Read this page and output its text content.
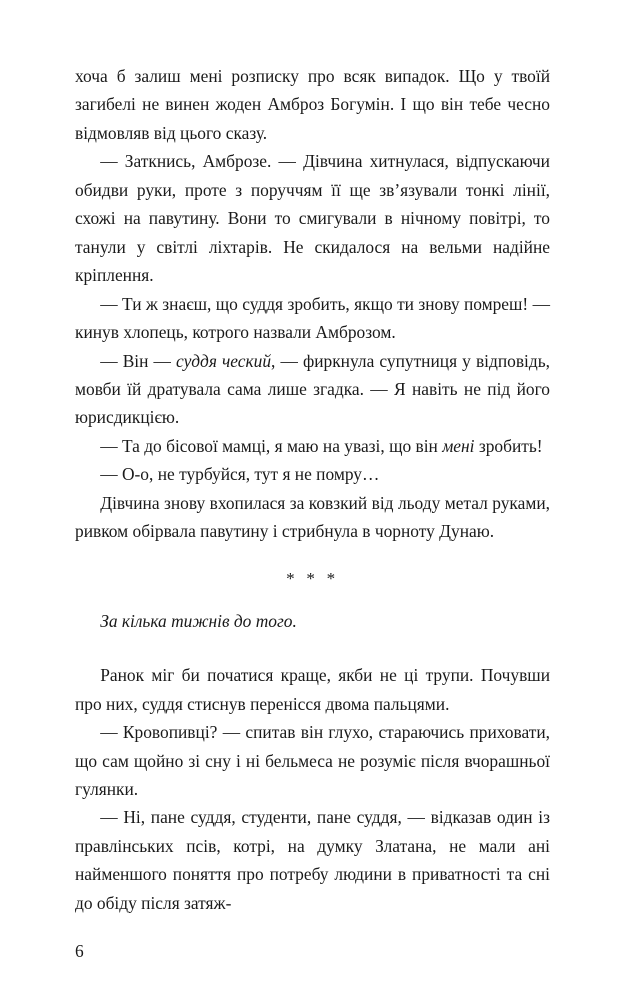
хоча б залиш мені розписку про всяк випадок. Що у твоїй загибелі не винен жоден Амброз Богумін. І що він тебе чесно відмовляв від цього сказу.

— Заткнись, Амброзе. — Дівчина хитнулася, відпускаючи обидви руки, проте з поруччям її ще зв’язували тонкі лінії, схожі на павутину. Вони то смигували в нічному повітрі, то танули у світлі ліхтарів. Не скидалося на вельми надійне кріплення.

— Ти ж знаєш, що суддя зробить, якщо ти знову помреш! — кинув хлопець, котрого назвали Амброзом.

— Він — суддя ческий, — фиркнула супутниця у відповідь, мовби їй дратувала сама лише згадка. — Я навіть не під його юрисдикцією.

— Та до бісової мамці, я маю на увазі, що він мені зробить!

— О-о, не турбуйся, тут я не помру…

Дівчина знову вхопилася за ковзкий від льоду метал руками, ривком обірвала павутину і стрибнула в чорноту Дунаю.

* * *
За кілька тижнів до того.

Ранок міг би початися краще, якби не ці трупи. Почувши про них, суддя стиснув перенісся двома пальцями.

— Кровопивці? — спитав він глухо, стараючись приховати, що сам щойно зі сну і ні бельмеса не розуміє після вчорашньої гулянки.

— Ні, пане суддя, студенти, пане суддя, — відказав один із правлінських псів, котрі, на думку Златана, не мали ані найменшого поняття про потребу людини в приватності та сні до обіду після затяж-

6
